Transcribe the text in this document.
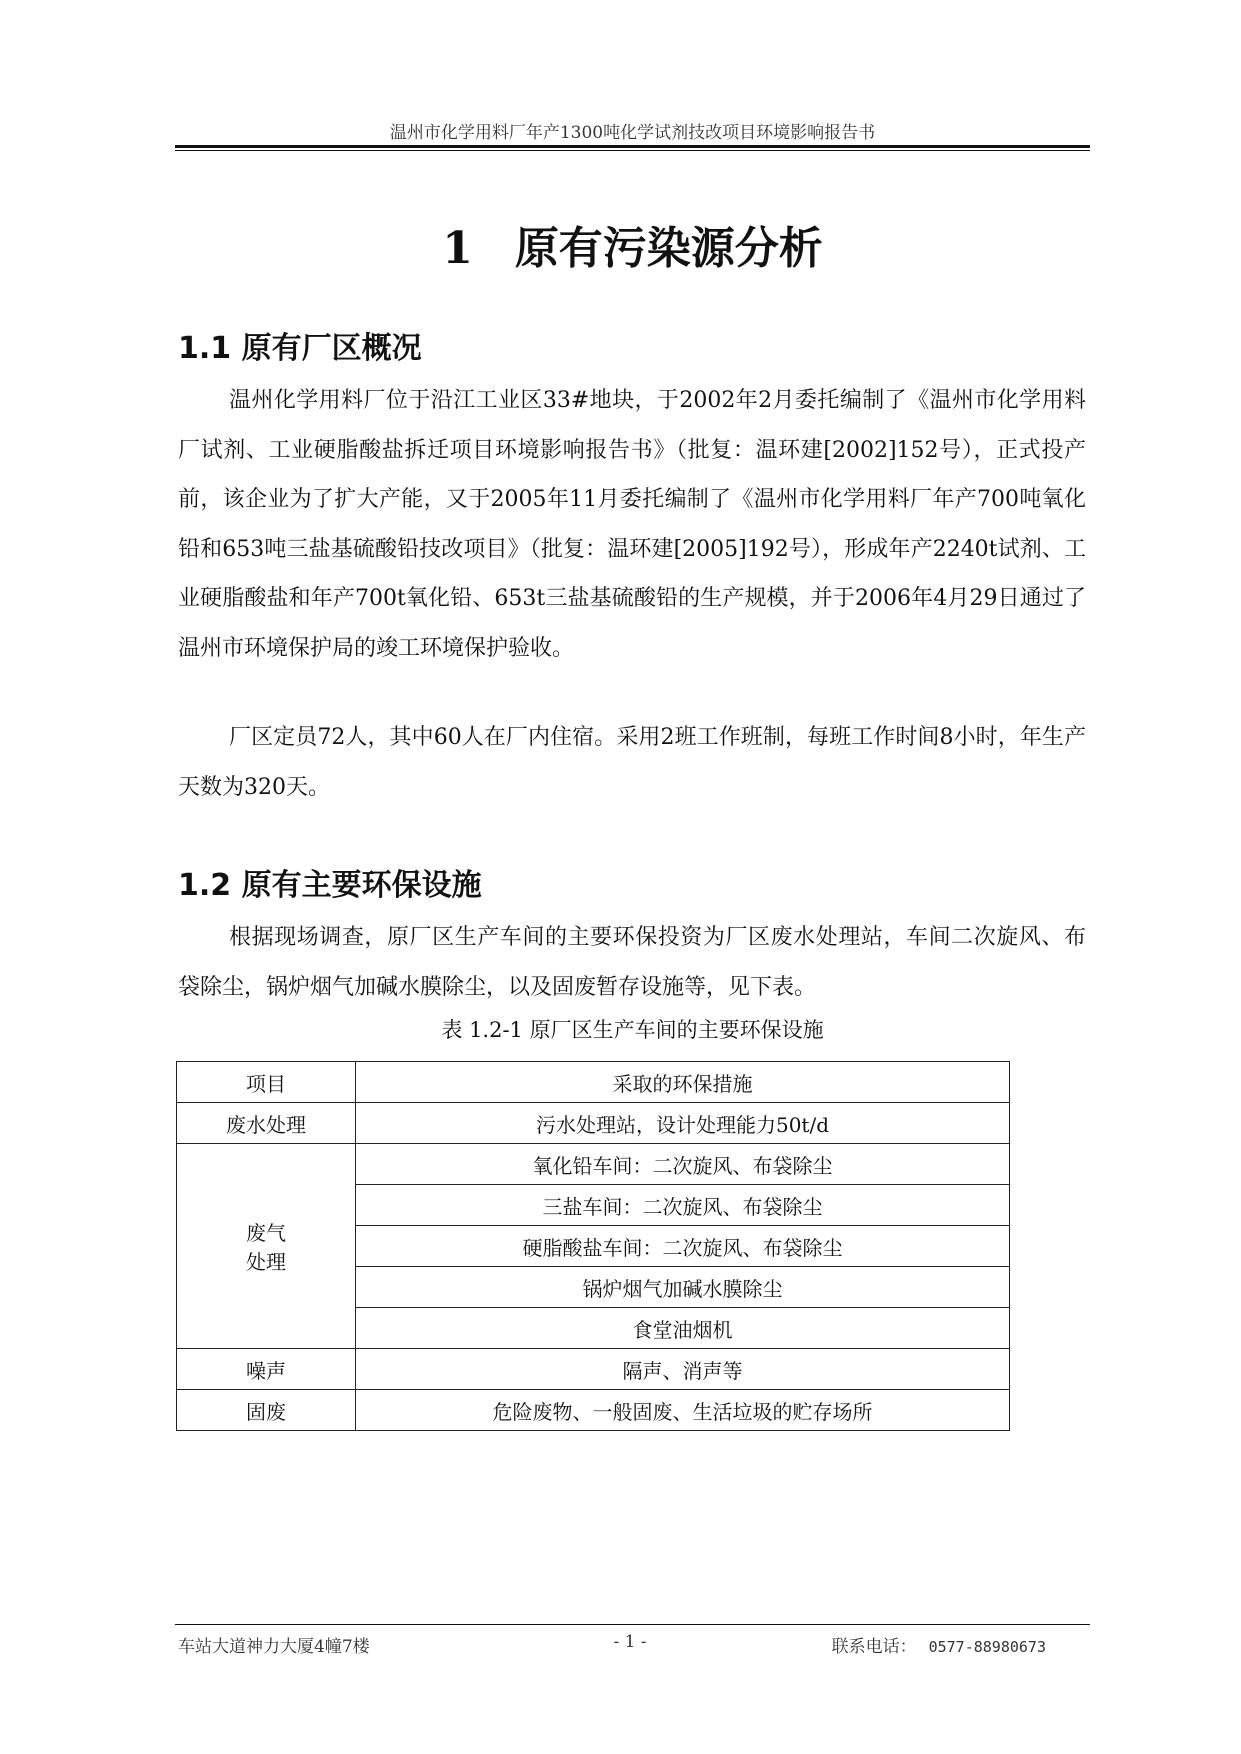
温州市化学用料厂年产1300吨化学试剂技改项目环境影响报告书
1 原有污染源分析
1.1 原有厂区概况

温州化学用料厂位于沿江工业区33#地块，于2002年2月委托编制了《温州市化学用料厂试剂、工业硬脂酸盐拆迁项目环境影响报告书》（批复：温环建[2002]152号），正式投产前，该企业为了扩大产能，又于2005年11月委托编制了《温州市化学用料厂年产700吨氧化铅和653吨三盐基硫酸铅技改项目》（批复：温环建[2005]192号），形成年产2240t试剂、工业硬脂酸盐和年产700t氧化铅、653t三盐基硫酸铅的生产规模，并于2006年4月29日通过了温州市环境保护局的竣工环境保护验收。

厂区定员72人，其中60人在厂内住宿。采用2班工作班制，每班工作时间8小时，年生产天数为320天。

1.2 原有主要环保设施

根据现场调查，原厂区生产车间的主要环保投资为厂区废水处理站，车间二次旋风、布袋除尘，锅炉烟气加碱水膜除尘，以及固废暂存设施等，见下表。

表 1.2-1 原厂区生产车间的主要环保设施
项目	采取的环保措施
废水处理	污水处理站，设计处理能力50t/d

废气
处理	氧化铅车间：二次旋风、布袋除尘
	三盐车间：二次旋风、布袋除尘
	硬脂酸盐车间：二次旋风、布袋除尘
	锅炉烟气加碱水膜除尘
	食堂油烟机
噪声	隔声、消声等
固废	危险废物、一般固废、生活垃圾的贮存场所
车站大道神力大厦4幢7楼	- 1 -	联系电话： 0577-88980673
